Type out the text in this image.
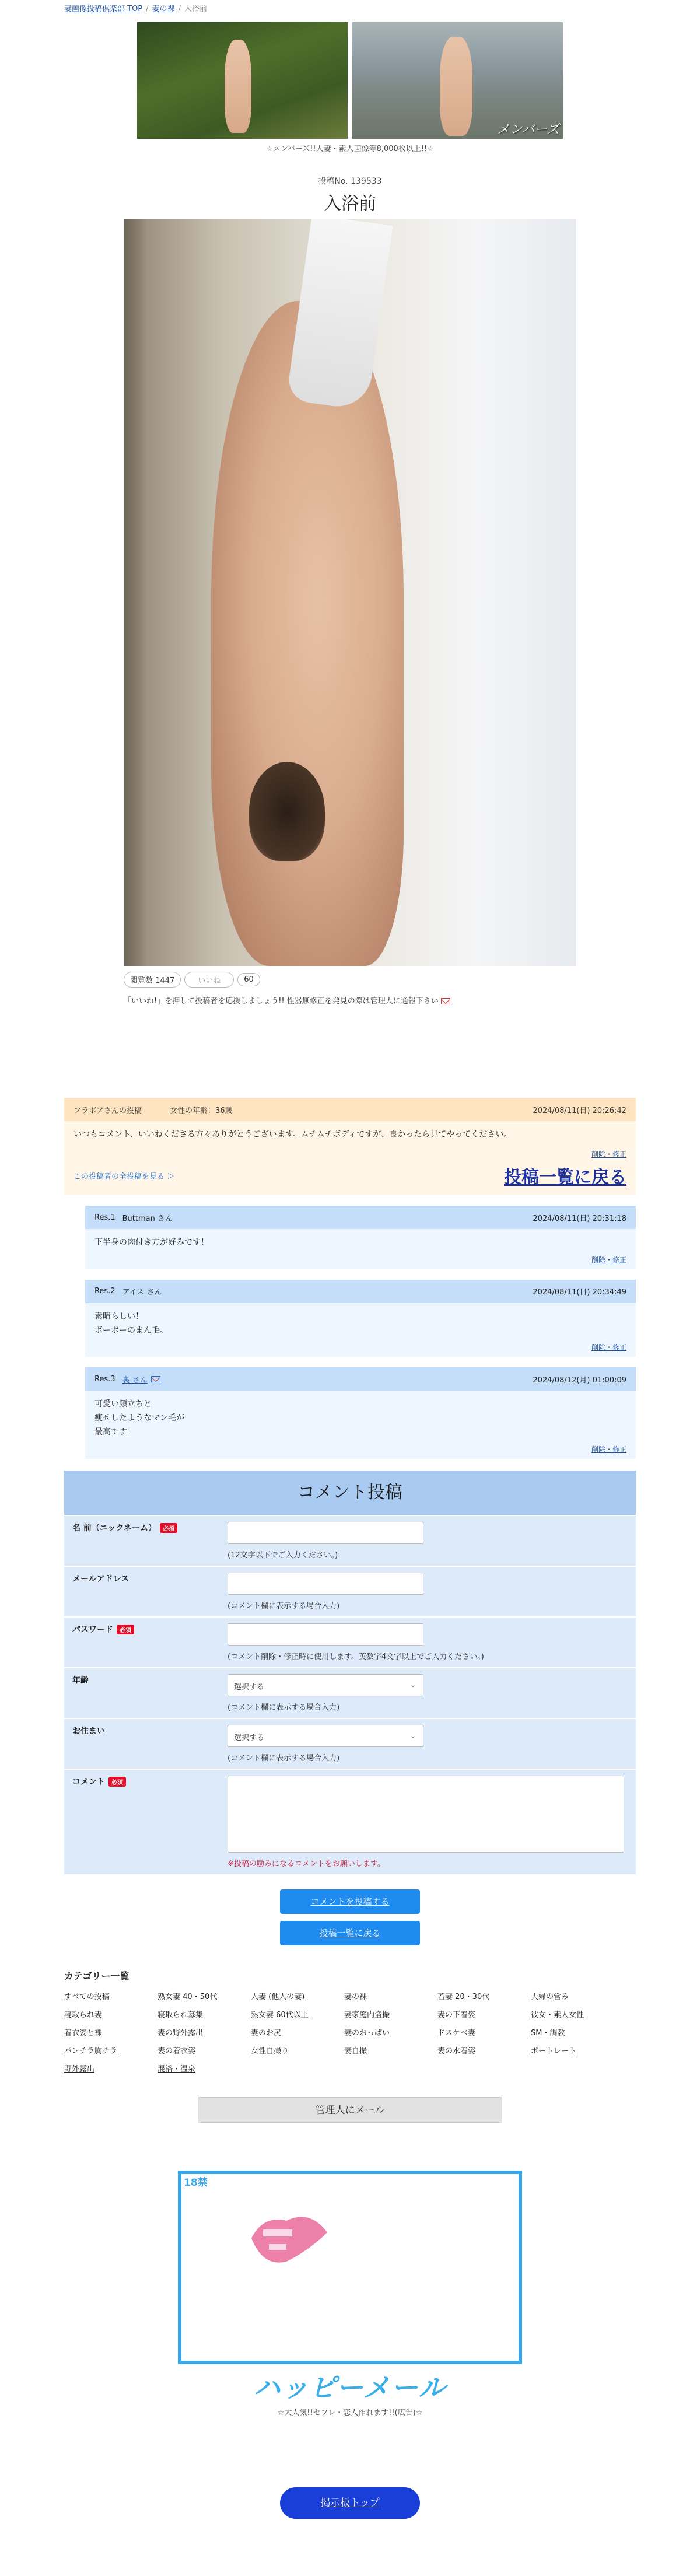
妻画像投稿倶楽部 TOP / 妻の裸 / 入浴前
メンバーズ
☆メンバーズ!!人妻・素人画像等8,000枚以上!!☆
投稿No. 139533
入浴前
閲覧数 1447	いいね	60
「いいね!」を押して投稿者を応援しましょう!! 性器無修正を発見の際は管理人に通報下さい
フラボアさんの投稿	女性の年齢：36歳	2024/08/11(日) 20:26:42
いつもコメント、いいねくださる方々ありがとうございます。ムチムチボディですが、良かったら見てやってください。
削除・修正
この投稿者の全投稿を見る ＞	投稿一覧に戻る
Res.1 Buttman さん	2024/08/11(日) 20:31:18
下半身の肉付き方が好みです！
削除・修正
Res.2 アイス さん	2024/08/11(日) 20:34:49
素晴らしい！
ボーボーのまん毛。
削除・修正
Res.3 裏 さん	2024/08/12(月) 01:00:09
可愛い顔立ちと
痩せしたようなマン毛が
最高です！
削除・修正
コメント投稿
名 前（ニックネーム） 必須
(12文字以下でご入力ください。)
メールアドレス
(コメント欄に表示する場合入力)
パスワード 必須
(コメント削除・修正時に使用します。英数字4文字以上でご入力ください。)
年齢
選択する	⌄
(コメント欄に表示する場合入力)
お住まい
選択する	⌄
(コメント欄に表示する場合入力)
コメント 必須
※投稿の励みになるコメントをお願いします。
コメントを投稿する
投稿一覧に戻る
カテゴリー一覧
すべての投稿	熟女妻 40・50代	人妻 (他人の妻)	妻の裸	若妻 20・30代	夫婦の営み
寝取られ妻	寝取られ募集	熟女妻 60代以上	妻家庭内盗撮	妻の下着姿	彼女・素人女性
着衣姿と裸	妻の野外露出	妻のお尻	妻のおっぱい	ドスケベ妻	SM・調教
パンチラ胸チラ	妻の着衣姿	女性自撮り	妻自撮	妻の水着姿	ポートレート
野外露出	混浴・温泉
管理人にメール
18禁
ハッピーメール
☆大人気!!セフレ・恋人作れます!!(広告)☆
掲示板トップ
